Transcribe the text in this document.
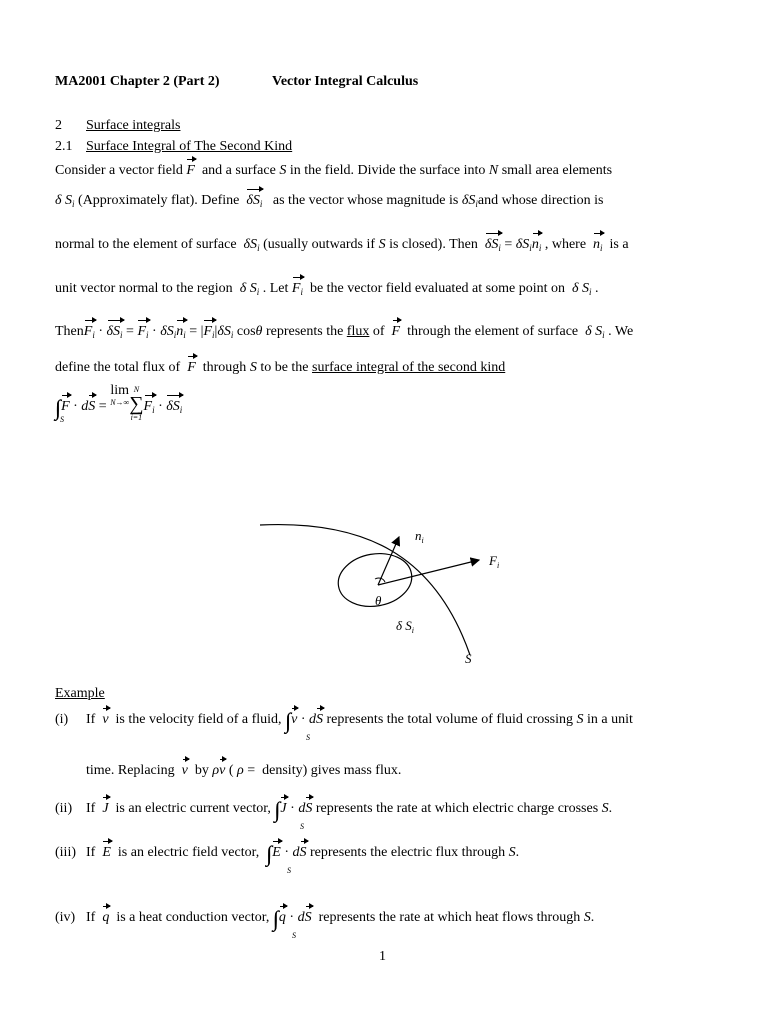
MA2001 Chapter 2 (Part 2)	Vector Integral Calculus
2 Surface integrals
2.1 Surface Integral of The Second Kind
Consider a vector field F and a surface S in the field. Divide the surface into N small area elements
δ $S_i$ (Approximately flat). Define $\delta S_i$ as the vector whose magnitude is $\delta S_iand$ whose direction is
normal to the element of surface $\delta S_i$ (usually outwards if S is closed). Then $\delta S_i = \delta S_in_i$ , where $n_i$ is a
unit vector normal to the region δ $S_i$ . Let $F_i$ be the vector field evaluated at some point on δ $S_i$ .
ThenF$_i$ · $\delta S_i = F_i \cdot \delta S_in_i = |F_i|\delta S_i$ cosθ represents the flux of F through the element of surface δ $S_i$ . We
define the total flux of F through S to be the surface integral of the second kind
∫∫ F · dS = lim
N→∞
N
∑
i=1
$F_i \cdot \delta S_i$
S
$n_i$
$F_i$
θ
δ $S_i$
S
Example
(i) If v is the velocity field of a fluid, ∫∫ v · dS represents the total volume of fluid crossing S in a unit
S
time. Replacing v by ρv ( ρ =  density) gives mass flux.
(ii) If J is an electric current vector, ∫∫ J · dS represents the rate at which electric charge crosses S.
S
(iii) If E is an electric field vector, ∫∫ E · dS represents the electric flux through S.
S
(iv) If q is a heat conduction vector, ∫∫ q · dS represents the rate at which heat flows through S.
S
1
